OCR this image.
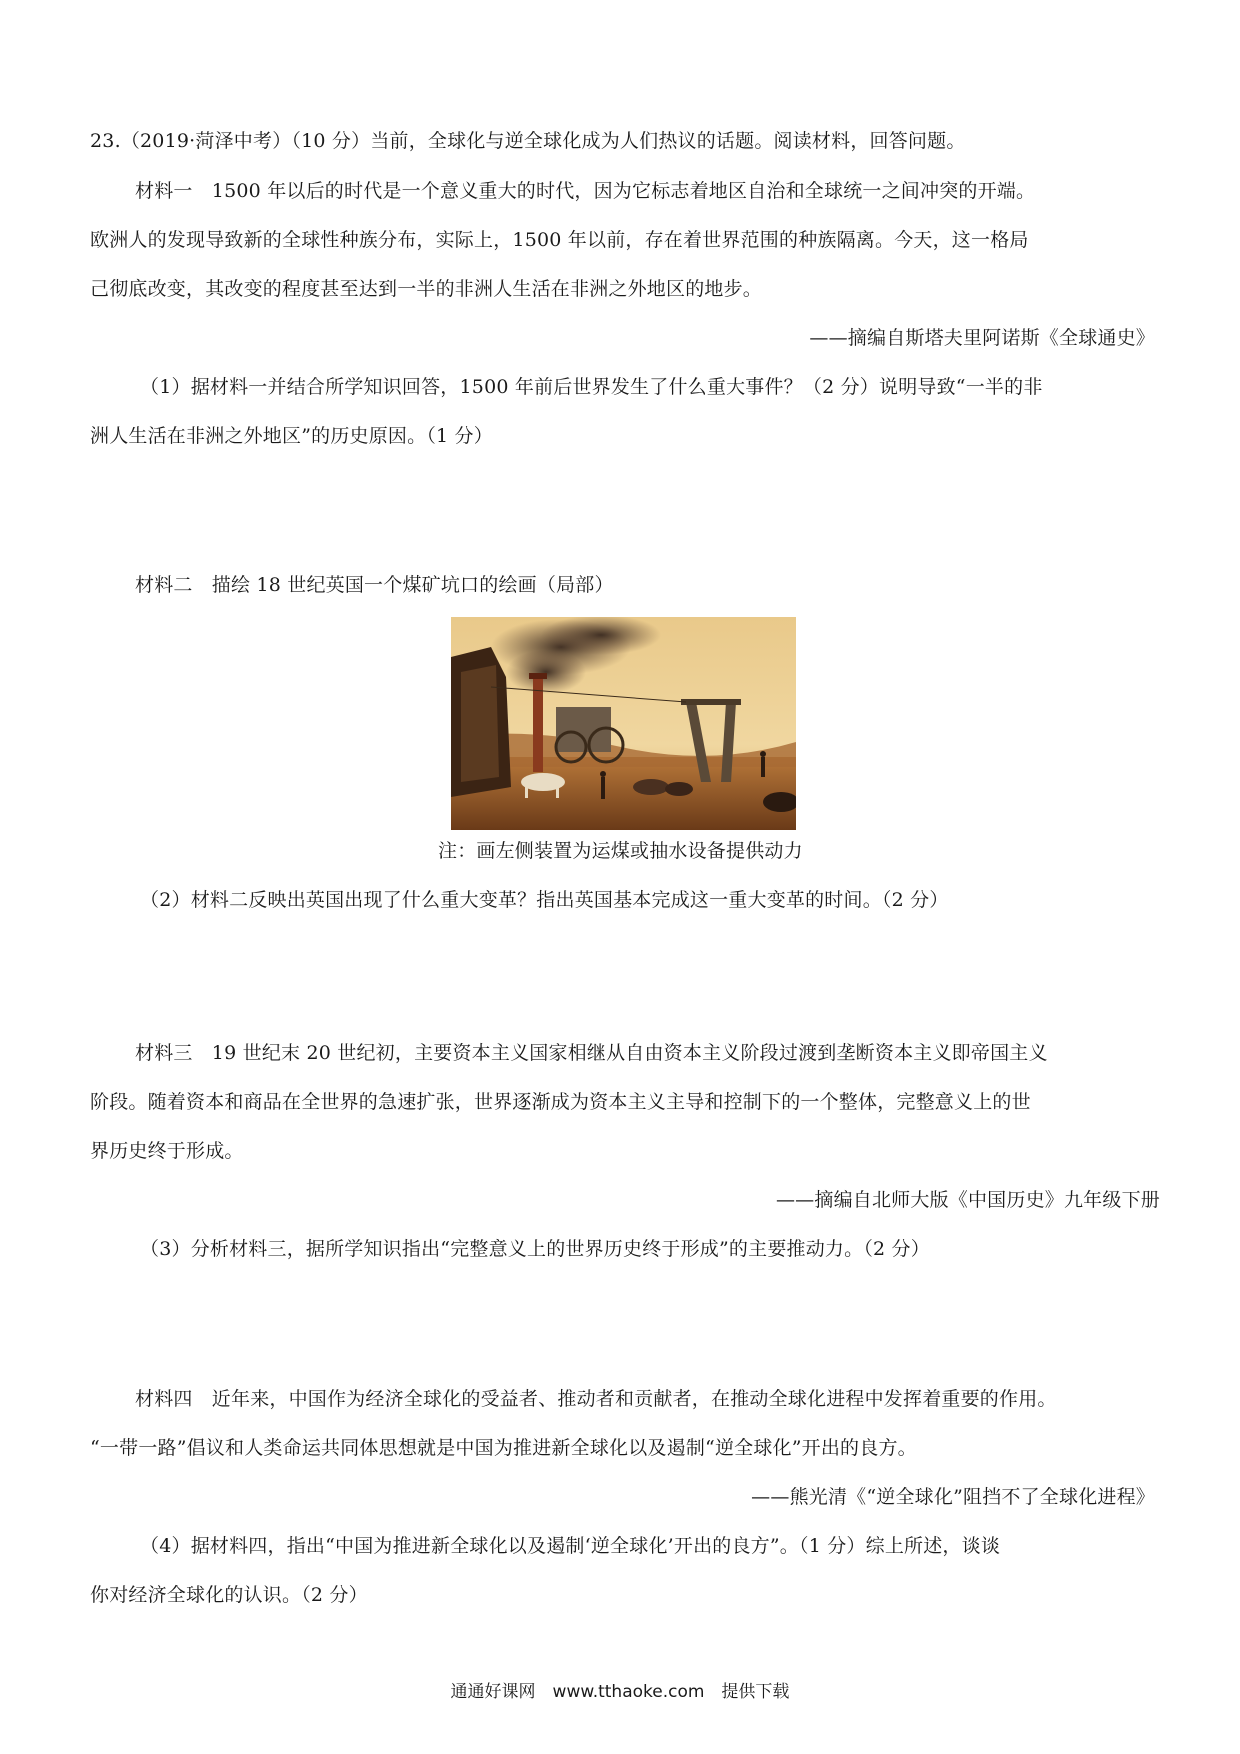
23.（2019·菏泽中考）（10 分）当前，全球化与逆全球化成为人们热议的话题。阅读材料，回答问题。
材料一　1500 年以后的时代是一个意义重大的时代，因为它标志着地区自治和全球统一之间冲突的开端。
欧洲人的发现导致新的全球性种族分布，实际上，1500 年以前，存在着世界范围的种族隔离。今天，这一格局
己彻底改变，其改变的程度甚至达到一半的非洲人生活在非洲之外地区的地步。
——摘编自斯塔夫里阿诺斯《全球通史》
（1）据材料一并结合所学知识回答，1500 年前后世界发生了什么重大事件？（2 分）说明导致“一半的非
洲人生活在非洲之外地区”的历史原因。（1 分）
材料二　描绘 18 世纪英国一个煤矿坑口的绘画（局部）
注：画左侧装置为运煤或抽水设备提供动力
（2）材料二反映出英国出现了什么重大变革？指出英国基本完成这一重大变革的时间。（2 分）
材料三　19 世纪末 20 世纪初，主要资本主义国家相继从自由资本主义阶段过渡到垄断资本主义即帝国主义
阶段。随着资本和商品在全世界的急速扩张，世界逐渐成为资本主义主导和控制下的一个整体，完整意义上的世
界历史终于形成。
——摘编自北师大版《中国历史》九年级下册
（3）分析材料三，据所学知识指出“完整意义上的世界历史终于形成”的主要推动力。（2 分）
材料四　近年来，中国作为经济全球化的受益者、推动者和贡献者，在推动全球化进程中发挥着重要的作用。
“一带一路”倡议和人类命运共同体思想就是中国为推进新全球化以及遏制“逆全球化”开出的良方。
——熊光清《“逆全球化”阻挡不了全球化进程》
（4）据材料四，指出“中国为推进新全球化以及遏制‘逆全球化’开出的良方”。（1 分）综上所述，谈谈
你对经济全球化的认识。（2 分）
通通好课网　www.tthaoke.com　提供下载
